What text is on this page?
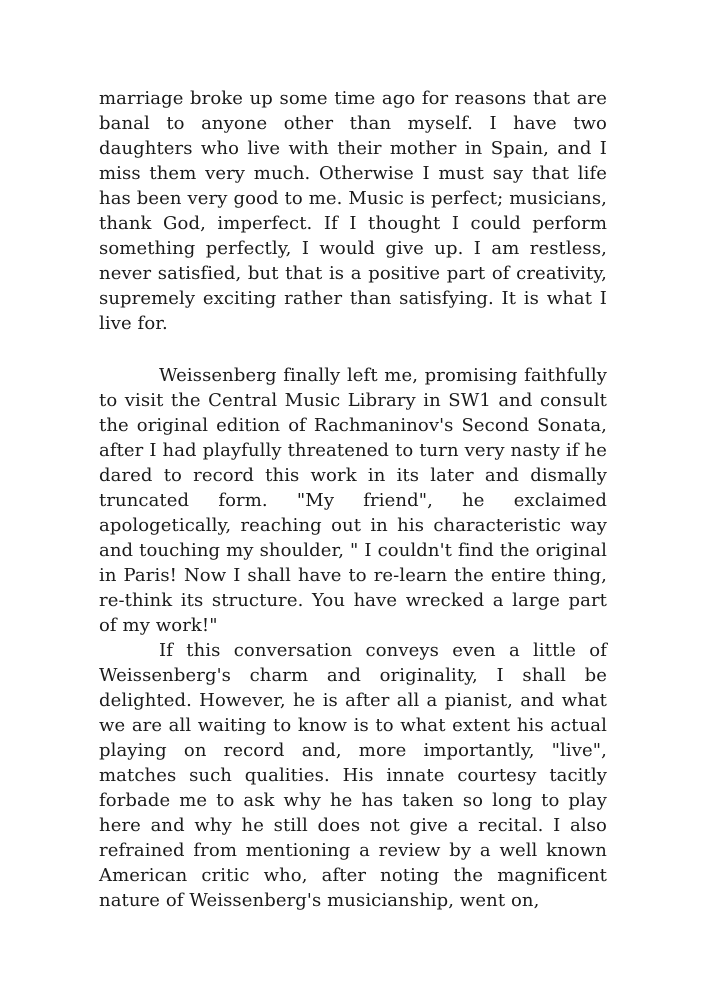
marriage broke up some time ago for reasons that are banal to anyone other than myself. I have two daughters who live with their mother in Spain, and I miss them very much. Otherwise I must say that life has been very good to me. Music is perfect; musicians, thank God, imperfect. If I thought I could perform something perfectly, I would give up. I am restless, never satisfied, but that is a positive part of creativity, supremely exciting rather than satisfying. It is what I live for.

Weissenberg finally left me, promising faithfully to visit the Central Music Library in SW1 and consult the original edition of Rachmaninov's Second Sonata, after I had playfully threatened to turn very nasty if he dared to record this work in its later and dismally truncated form. "My friend", he exclaimed apologetically, reaching out in his characteristic way and touching my shoulder, " I couldn't find the original in Paris! Now I shall have to re-learn the entire thing, re-think its structure. You have wrecked a large part of my work!"

If this conversation conveys even a little of Weissenberg's charm and originality, I shall be delighted. However, he is after all a pianist, and what we are all waiting to know is to what extent his actual playing on record and, more importantly, "live", matches such qualities. His innate courtesy tacitly forbade me to ask why he has taken so long to play here and why he still does not give a recital. I also refrained from mentioning a review by a well known American critic who, after noting the magnificent nature of Weissenberg's musicianship, went on,
